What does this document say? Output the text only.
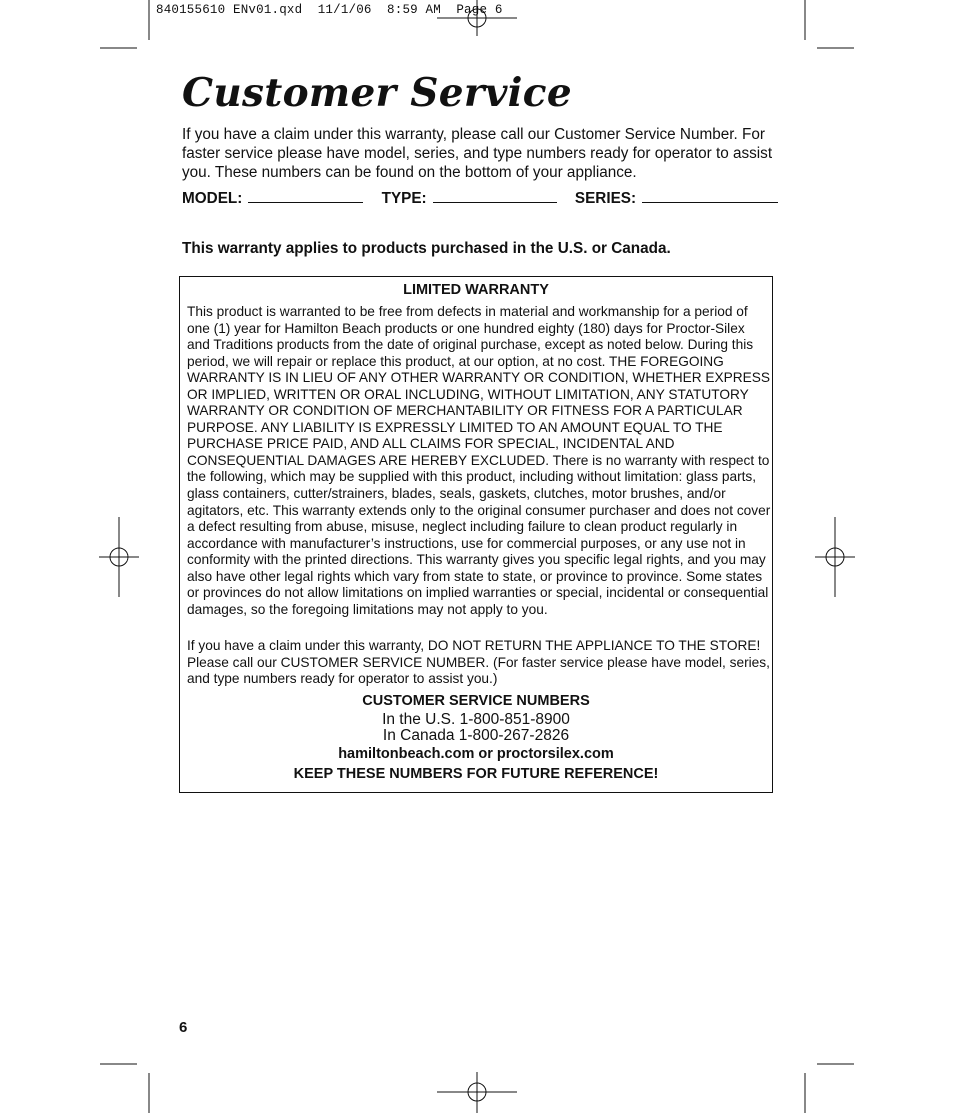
840155610 ENv01.qxd  11/1/06  8:59 AM  Page 6
Customer Service

If you have a claim under this warranty, please call our Customer Service Number. For faster service please have model, series, and type numbers ready for operator to assist you. These numbers can be found on the bottom of your appliance.

MODEL:	TYPE:	SERIES:
This warranty applies to products purchased in the U.S. or Canada.
LIMITED WARRANTY

This product is warranted to be free from defects in material and workmanship for a period of one (1) year for Hamilton Beach products or one hundred eighty (180) days for Proctor-Silex and Traditions products from the date of original purchase, except as noted below. During this period, we will repair or replace this product, at our option, at no cost. THE FOREGOING WARRANTY IS IN LIEU OF ANY OTHER WARRANTY OR CONDITION, WHETHER EXPRESS OR IMPLIED, WRITTEN OR ORAL INCLUDING, WITHOUT LIMITATION, ANY STATUTORY WARRANTY OR CONDITION OF MERCHANTABILITY OR FITNESS FOR A PARTICULAR PURPOSE. ANY LIABILITY IS EXPRESSLY LIMITED TO AN AMOUNT EQUAL TO THE PURCHASE PRICE PAID, AND ALL CLAIMS FOR SPECIAL, INCIDENTAL AND CONSEQUENTIAL DAMAGES ARE HEREBY EXCLUDED. There is no warranty with respect to the following, which may be supplied with this product, including without limitation: glass parts, glass containers, cutter/strainers, blades, seals, gaskets, clutches, motor brushes, and/or agitators, etc. This warranty extends only to the original consumer purchaser and does not cover a defect resulting from abuse, misuse, neglect including failure to clean product regularly in accordance with manufacturer’s instructions, use for commercial purposes, or any use not in conformity with the printed directions. This warranty gives you specific legal rights, and you may also have other legal rights which vary from state to state, or province to province. Some states or provinces do not allow limitations on implied warranties or special, incidental or consequential damages, so the foregoing limitations may not apply to you.

If you have a claim under this warranty, DO NOT RETURN THE APPLIANCE TO THE STORE! Please call our CUSTOMER SERVICE NUMBER. (For faster service please have model, series, and type numbers ready for operator to assist you.)

CUSTOMER SERVICE NUMBERS
In the U.S. 1-800-851-8900
In Canada 1-800-267-2826
hamiltonbeach.com or proctorsilex.com
KEEP THESE NUMBERS FOR FUTURE REFERENCE!
6
